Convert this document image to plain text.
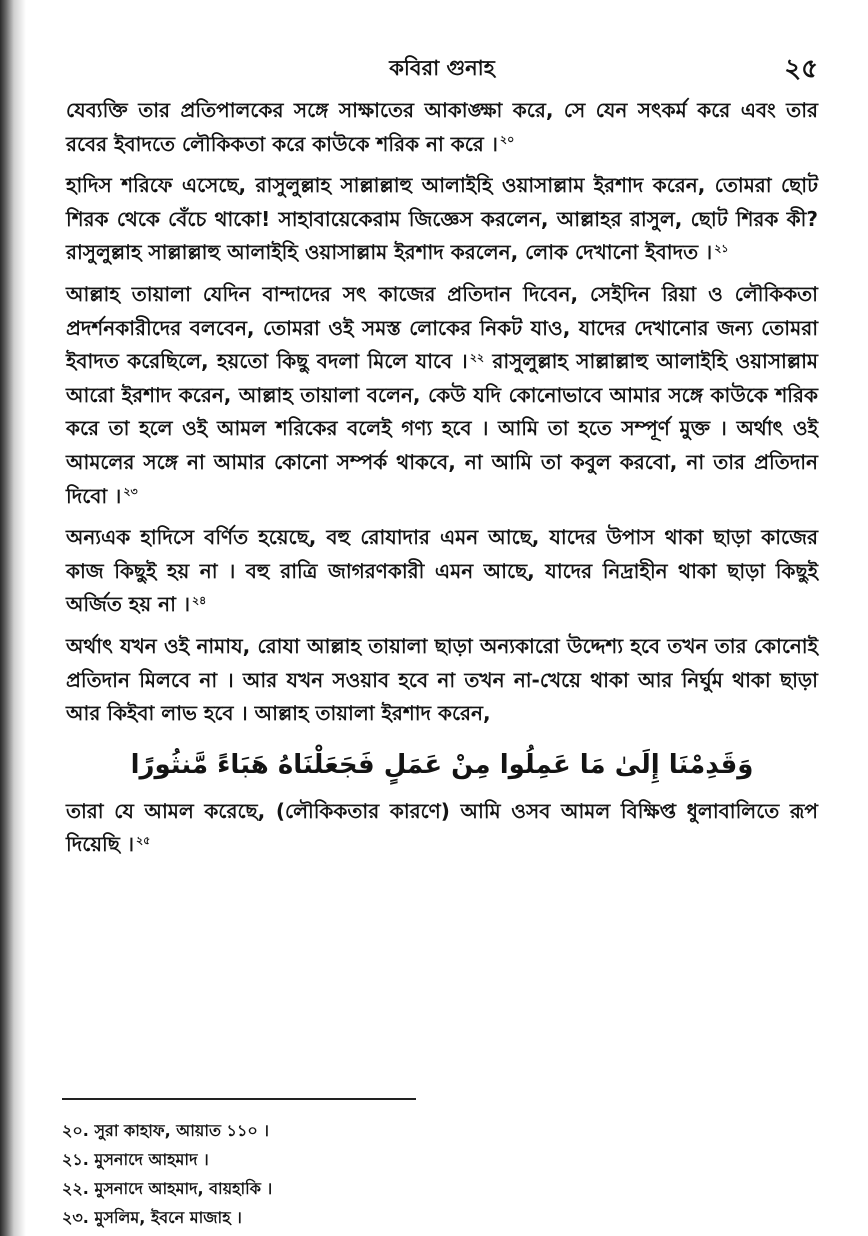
কবিরা গুনাহ	২৫

যেব্যক্তি তার প্রতিপালকের সঙ্গে সাক্ষাতের আকাঙ্ক্ষা করে, সে যেন সৎকর্ম করে এবং তার রবের ইবাদতে লৌকিকতা করে কাউকে শরিক না করে । $^{২০}$

হাদিস শরিফে এসেছে, রাসুলুল্লাহ সাল্লাল্লাহু আলাইহি ওয়াসাল্লাম ইরশাদ করেন, তোমরা ছোট শিরক থেকে বেঁচে থাকো! সাহাবায়েকেরাম জিজ্ঞেস করলেন, আল্লাহর রাসুল, ছোট শিরক কী? রাসুলুল্লাহ সাল্লাল্লাহু আলাইহি ওয়াসাল্লাম ইরশাদ করলেন, লোক দেখানো ইবাদত । $^{২১}$

আল্লাহ তায়ালা যেদিন বান্দাদের সৎ কাজের প্রতিদান দিবেন, সেইদিন রিয়া ও লৌকিকতা প্রদর্শনকারীদের বলবেন, তোমরা ওই সমস্ত লোকের নিকট যাও, যাদের দেখানোর জন্য তোমরা ইবাদত করেছিলে, হয়তো কিছু বদলা মিলে যাবে । $^{২২}$ রাসুলুল্লাহ সাল্লাল্লাহু আলাইহি ওয়াসাল্লাম আরো ইরশাদ করেন, আল্লাহ তায়ালা বলেন, কেউ যদি কোনোভাবে আমার সঙ্গে কাউকে শরিক করে তা হলে ওই আমল শরিকের বলেই গণ্য হবে । আমি তা হতে সম্পূর্ণ মুক্ত । অর্থাৎ ওই আমলের সঙ্গে না আমার কোনো সম্পর্ক থাকবে, না আমি তা কবুল করবো, না তার প্রতিদান দিবো । $^{২৩}$

অন্যএক হাদিসে বর্ণিত হয়েছে, বহু রোযাদার এমন আছে, যাদের উপাস থাকা ছাড়া কাজের কাজ কিছুই হয় না । বহু রাত্রি জাগরণকারী এমন আছে, যাদের নিদ্রাহীন থাকা ছাড়া কিছুই অর্জিত হয় না । $^{২৪}$

অর্থাৎ যখন ওই নামায, রোযা আল্লাহ তায়ালা ছাড়া অন্যকারো উদ্দেশ্য হবে তখন তার কোনোই প্রতিদান মিলবে না । আর যখন সওয়াব হবে না তখন না-খেয়ে থাকা আর নির্ঘুম থাকা ছাড়া আর কিইবা লাভ হবে । আল্লাহ তায়ালা ইরশাদ করেন,

وَقَدِمْنَا إِلَىٰ مَا عَمِلُوا مِنْ عَمَلٍ فَجَعَلْنَاهُ هَبَاءً مَّنثُورًا

তারা যে আমল করেছে, (লৌকিকতার কারণে) আমি ওসব আমল বিক্ষিপ্ত ধুলাবালিতে রূপ দিয়েছি । $^{২৫}$

২০. সুরা কাহাফ, আয়াত ১১০ ।
২১. মুসনাদে আহমাদ ।
২২. মুসনাদে আহমাদ, বায়হাকি ।
২৩. মুসলিম, ইবনে মাজাহ ।
